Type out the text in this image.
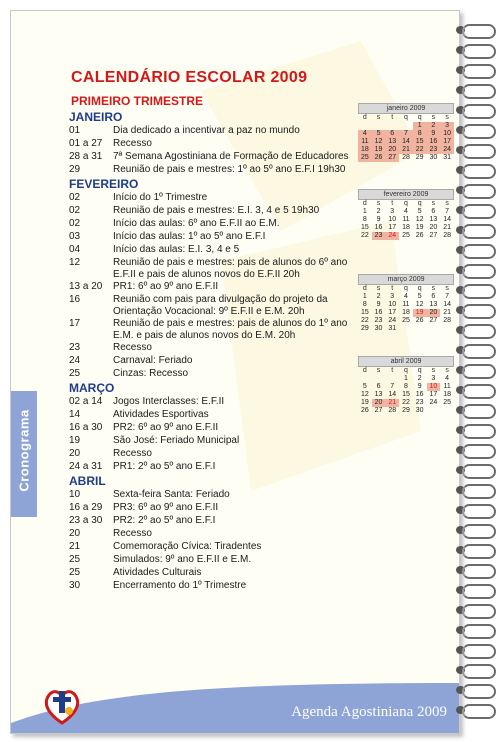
CALENDÁRIO ESCOLAR 2009
PRIMEIRO TRIMESTRE
JANEIRO
01	Dia dedicado a incentivar a paz no mundo
01 a 27	Recesso
28 a 31	7ª Semana Agostiniana de Formação de Educadores
29	Reunião de pais e mestres: 1º ao 5º ano E.F.I 19h30
FEVEREIRO
02	Início do 1º Trimestre
02	Reunião de pais e mestres: E.I. 3, 4 e 5 19h30
02	Início das aulas: 6º ano E.F.II ao E.M.
03	Início das aulas: 1º ao 5º ano E.F.I
04	Início das aulas: E.I. 3, 4 e 5
12	Reunião de pais e mestres: pais de alunos do 6º ano E.F.II e pais de alunos novos do E.F.II 20h
13 a 20	PR1: 6º ao 9º ano E.F.II
16	Reunião com pais para divulgação do projeto da Orientação Vocacional: 9º E.F.II e E.M. 20h
17	Reunião de pais e mestres: pais de alunos do 1º ano E.M. e pais de alunos novos do E.M. 20h
23	Recesso
24	Carnaval: Feriado
25	Cinzas: Recesso
MARÇO
02 a 14	Jogos Interclasses: E.F.II
14	Atividades Esportivas
16 a 30	PR2: 6º ao 9º ano E.F.II
19	São José: Feriado Municipal
20	Recesso
24 a 31	PR1: 2º ao 5º ano E.F.I
ABRIL
10	Sexta-feira Santa: Feriado
16 a 29	PR3: 6º ao 9º ano E.F.II
23 a 30	PR2: 2º ao 5º ano E.F.I
20	Recesso
21	Comemoração Cívica: Tiradentes
25	Simulados: 9º ano E.F.II e E.M.
25	Atividades Culturais
30	Encerramento do 1º Trimestre
janeiro 2009
d	s	t	q	q	s	s
				1	2	3
4	5	6	7	8	9	10
11	12	13	14	15	16	17
18	19	20	21	22	23	24
25	26	27	28	29	30	31
fevereiro 2009
d	s	t	q	q	s	s
1	2	3	4	5	6	7
8	9	10	11	12	13	14
15	16	17	18	19	20	21
22	23	24	25	26	27	28
março 2009
d	s	t	q	q	s	s
1	2	3	4	5	6	7
8	9	10	11	12	13	14
15	16	17	18	19	20	21
22	23	24	25	26	27	28
29	30	31				
abril 2009
d	s	t	q	q	s	s
			1	2	3	4
5	6	7	8	9	10	11
12	13	14	15	16	17	18
19	20	21	22	23	24	25
26	27	28	29	30		
Cronograma
Agenda Agostiniana 2009
